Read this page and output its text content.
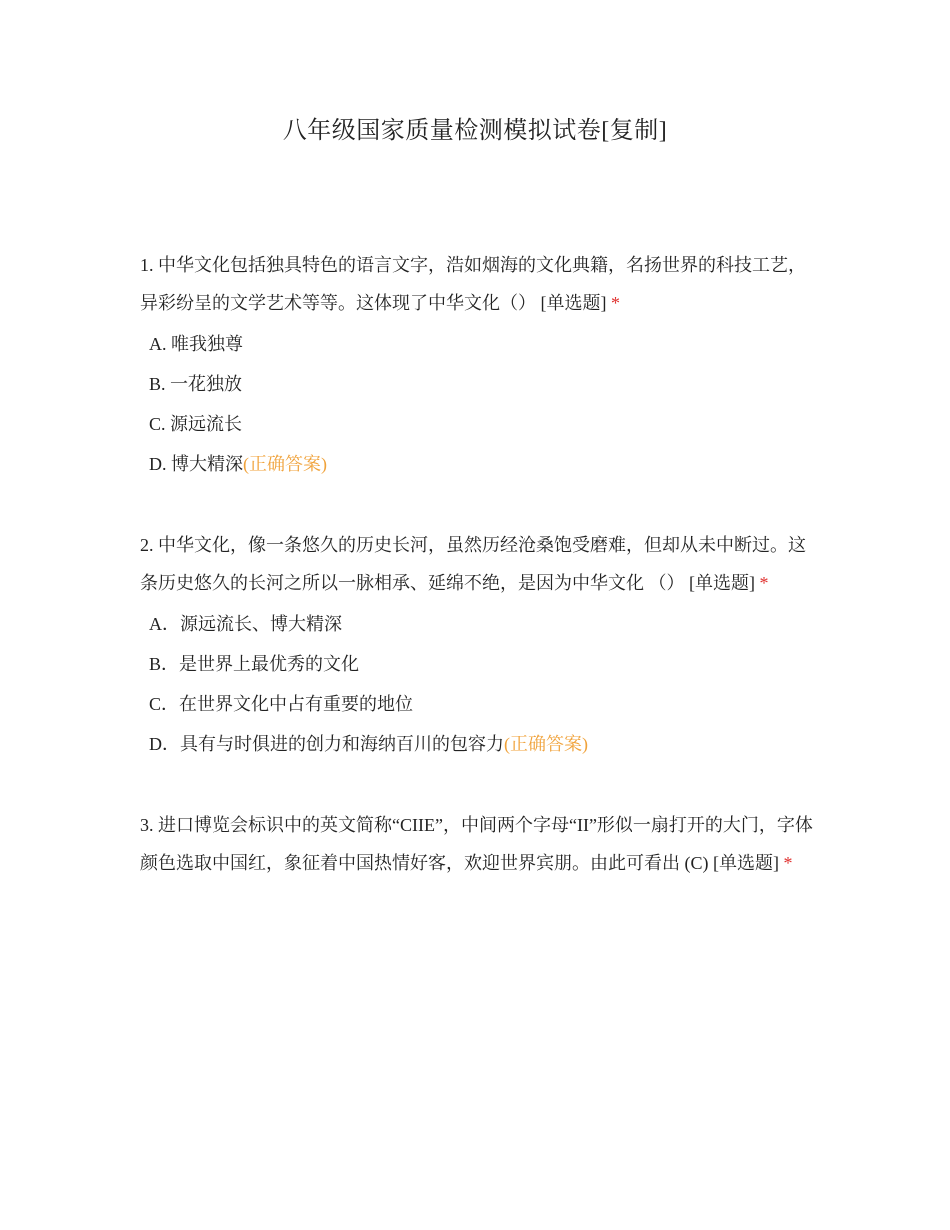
八年级国家质量检测模拟试卷[复制]
1. 中华文化包括独具特色的语言文字，浩如烟海的文化典籍，名扬世界的科技工艺，异彩纷呈的文学艺术等等。这体现了中华文化（） [单选题] *
A. 唯我独尊
B. 一花独放
C. 源远流长
D. 博大精深(正确答案)
2. 中华文化，像一条悠久的历史长河，虽然历经沧桑饱受磨难，但却从未中断过。这条历史悠久的长河之所以一脉相承、延绵不绝，是因为中华文化 （） [单选题] *
A．源远流长、博大精深
B．是世界上最优秀的文化
C．在世界文化中占有重要的地位
D．具有与时俱进的创力和海纳百川的包容力(正确答案)
3. 进口博览会标识中的英文简称“CIIE”，中间两个字母“II”形似一扇打开的大门，字体颜色选取中国红，象征着中国热情好客，欢迎世界宾朋。由此可看出 (C) [单选题] *
